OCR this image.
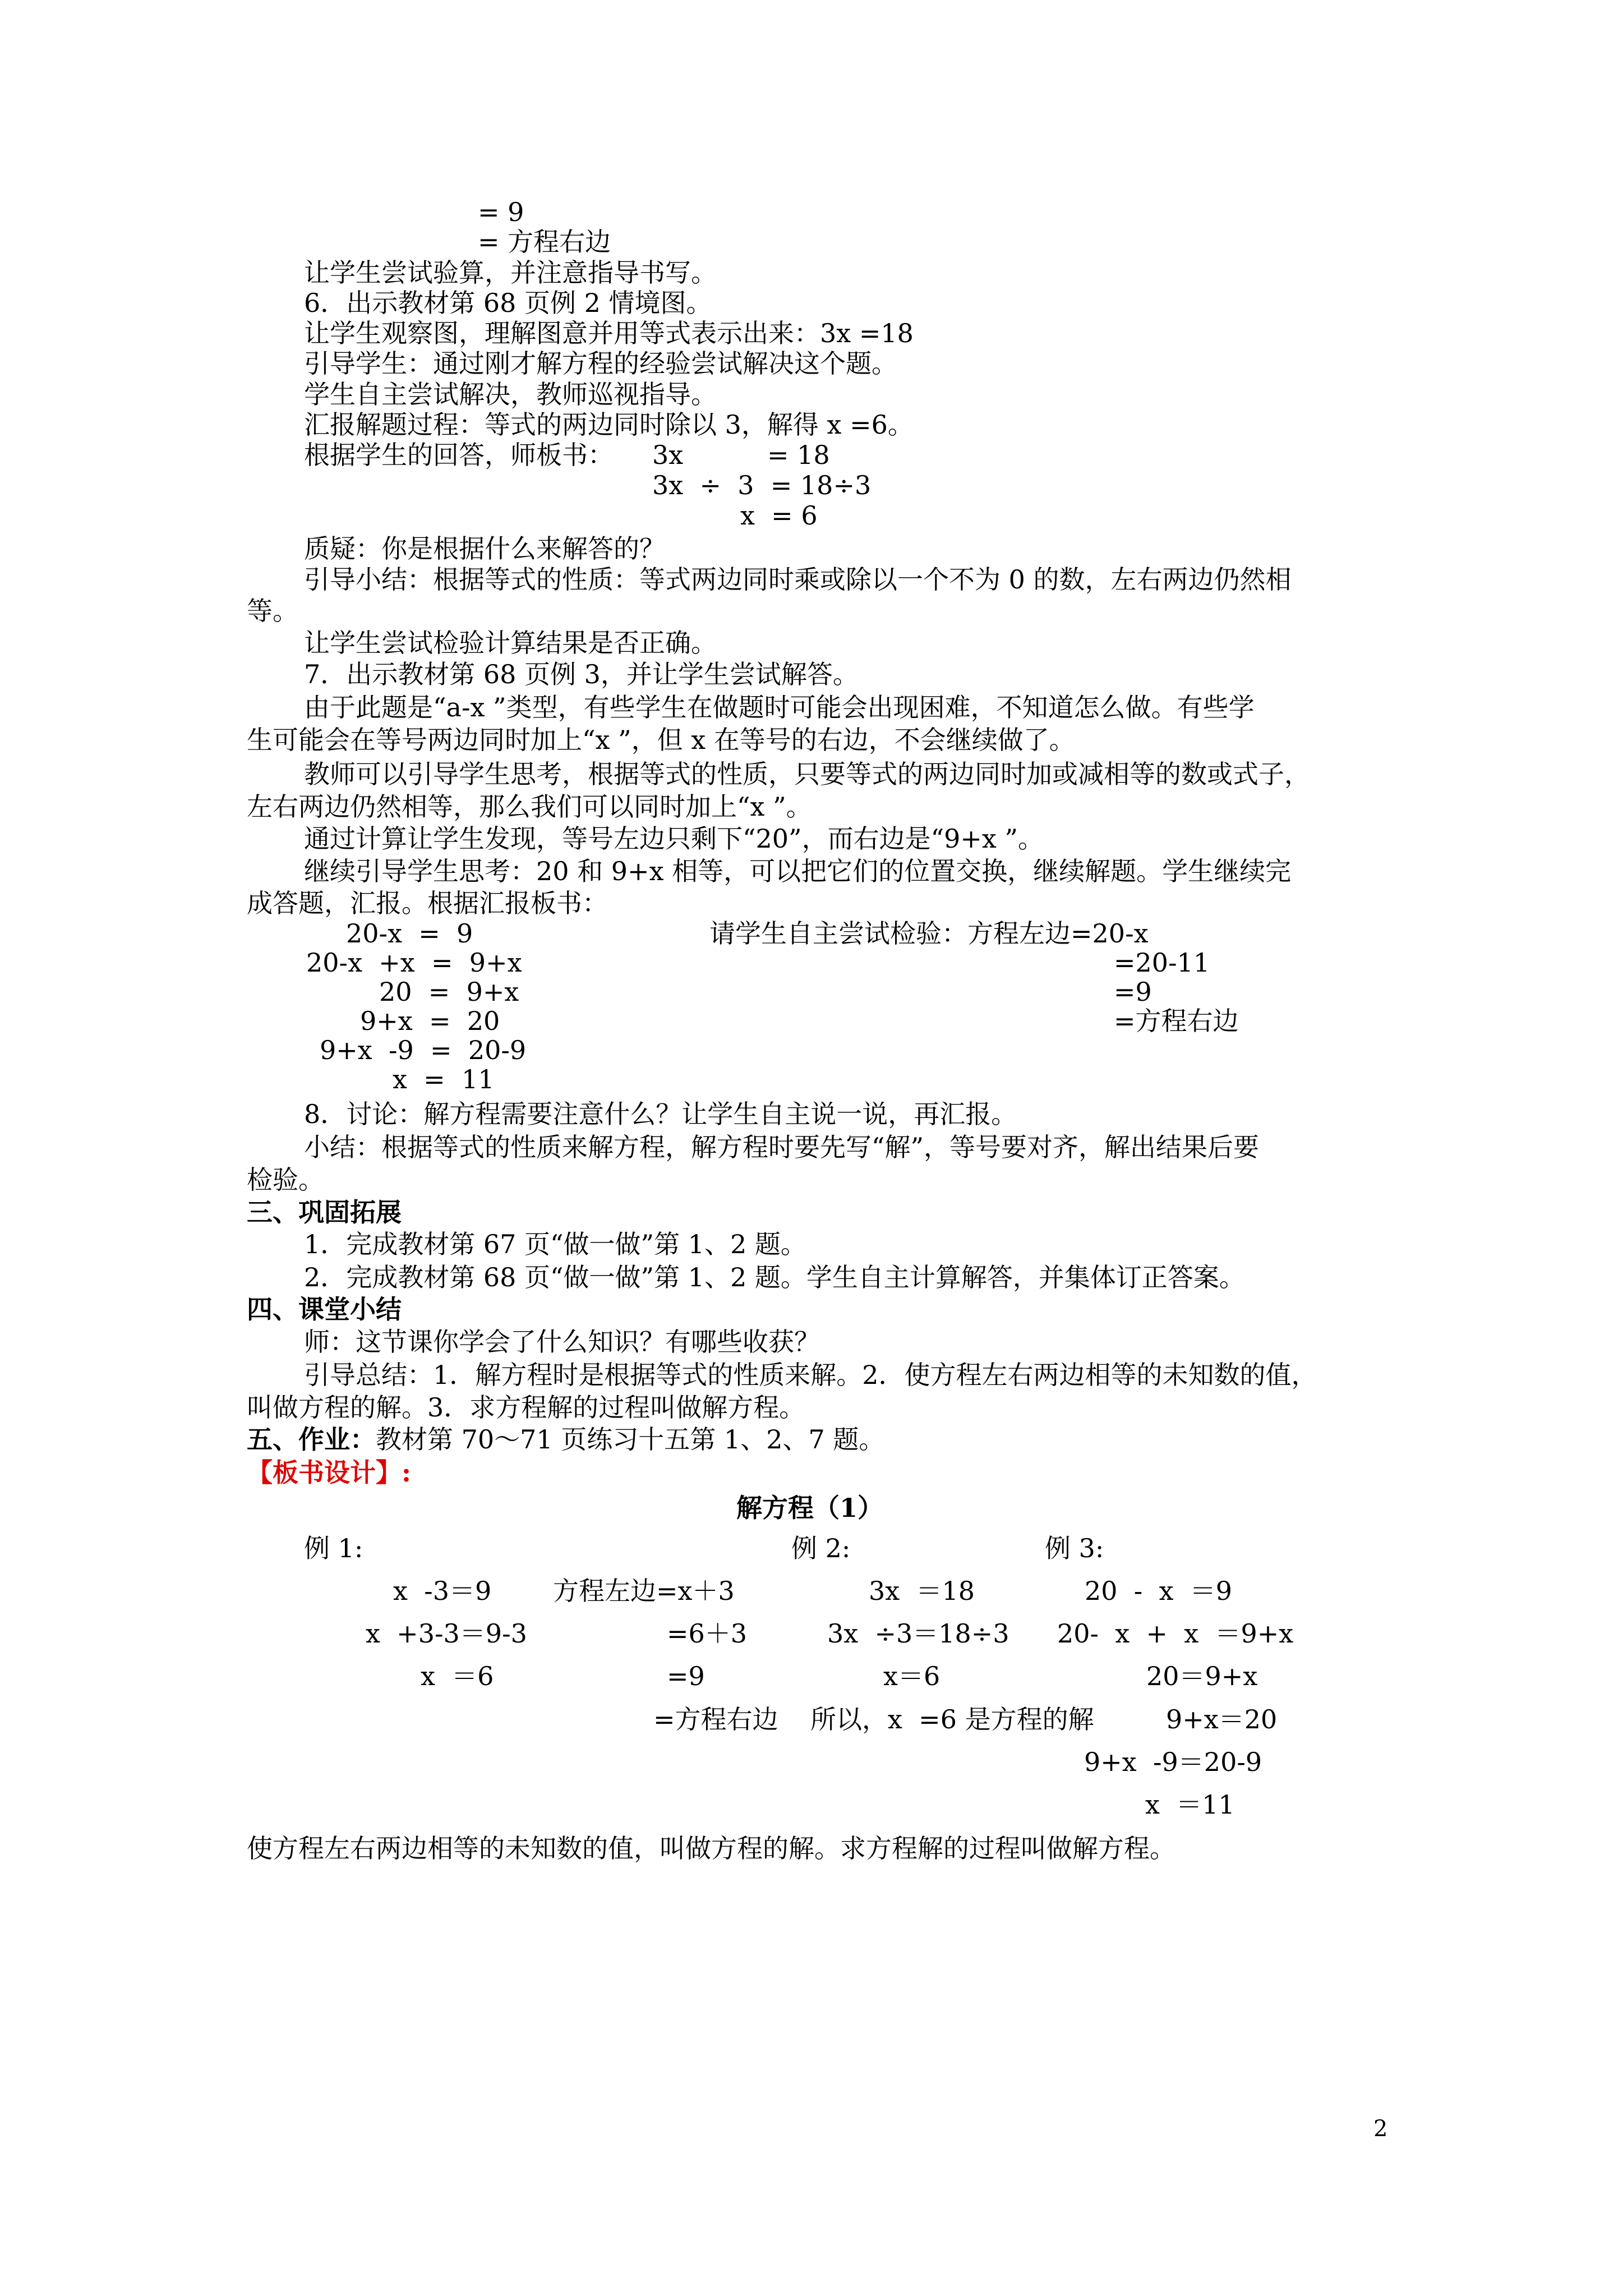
= 9
= 方程右边
让学生尝试验算，并注意指导书写。
6．出示教材第 68 页例 2 情境图。
让学生观察图，理解图意并用等式表示出来：3x =18
引导学生：通过刚才解方程的经验尝试解决这个题。
学生自主尝试解决，教师巡视指导。
汇报解题过程：等式的两边同时除以 3，解得 x =6。
根据学生的回答，师板书： 3x	= 18
3x  ÷  3  = 18÷3
x  = 6
质疑：你是根据什么来解答的？
引导小结：根据等式的性质：等式两边同时乘或除以一个不为 0 的数，左右两边仍然相
等。
让学生尝试检验计算结果是否正确。
7．出示教材第 68 页例 3，并让学生尝试解答。
由于此题是“a-x ”类型，有些学生在做题时可能会出现困难，不知道怎么做。有些学
生可能会在等号两边同时加上“x ”，但 x 在等号的右边，不会继续做了。
教师可以引导学生思考，根据等式的性质，只要等式的两边同时加或减相等的数或式子，
左右两边仍然相等，那么我们可以同时加上“x ”。
通过计算让学生发现，等号左边只剩下“20”，而右边是“9+x ”。
继续引导学生思考：20 和 9+x 相等，可以把它们的位置交换，继续解题。学生继续完
成答题，汇报。根据汇报板书：
20-x  =  9
20-x  +x  =  9+x
20  =  9+x
9+x  =  20
9+x  -9  =  20-9
x  =  11
请学生自主尝试检验：方程左边=20-x
=20-11
=9
=方程右边
8．讨论：解方程需要注意什么？让学生自主说一说，再汇报。
小结：根据等式的性质来解方程，解方程时要先写“解”，等号要对齐，解出结果后要
检验。
三、巩固拓展
1．完成教材第 67 页“做一做”第 1、2 题。
2．完成教材第 68 页“做一做”第 1、2 题。学生自主计算解答，并集体订正答案。
四、课堂小结
师：这节课你学会了什么知识？有哪些收获？
引导总结：1．解方程时是根据等式的性质来解。2．使方程左右两边相等的未知数的值，
叫做方程的解。3．求方程解的过程叫做解方程。
五、作业：教材第 70～71 页练习十五第 1、2、7 题。
【板书设计】:
解方程（1）
例 1:	例 2:	例 3:
x  -3＝9
x  +3-3＝9-3
x  ＝6
方程左边=x＋3
=6＋3
=9
=方程右边
3x  ＝18
3x  ÷3＝18÷3
x＝6
所以，x  =6 是方程的解
20  -  x  ＝9
20-  x  +  x  ＝9+x
20＝9+x
9+x＝20
9+x  -9＝20-9
x  ＝11
使方程左右两边相等的未知数的值，叫做方程的解。求方程解的过程叫做解方程。
2
